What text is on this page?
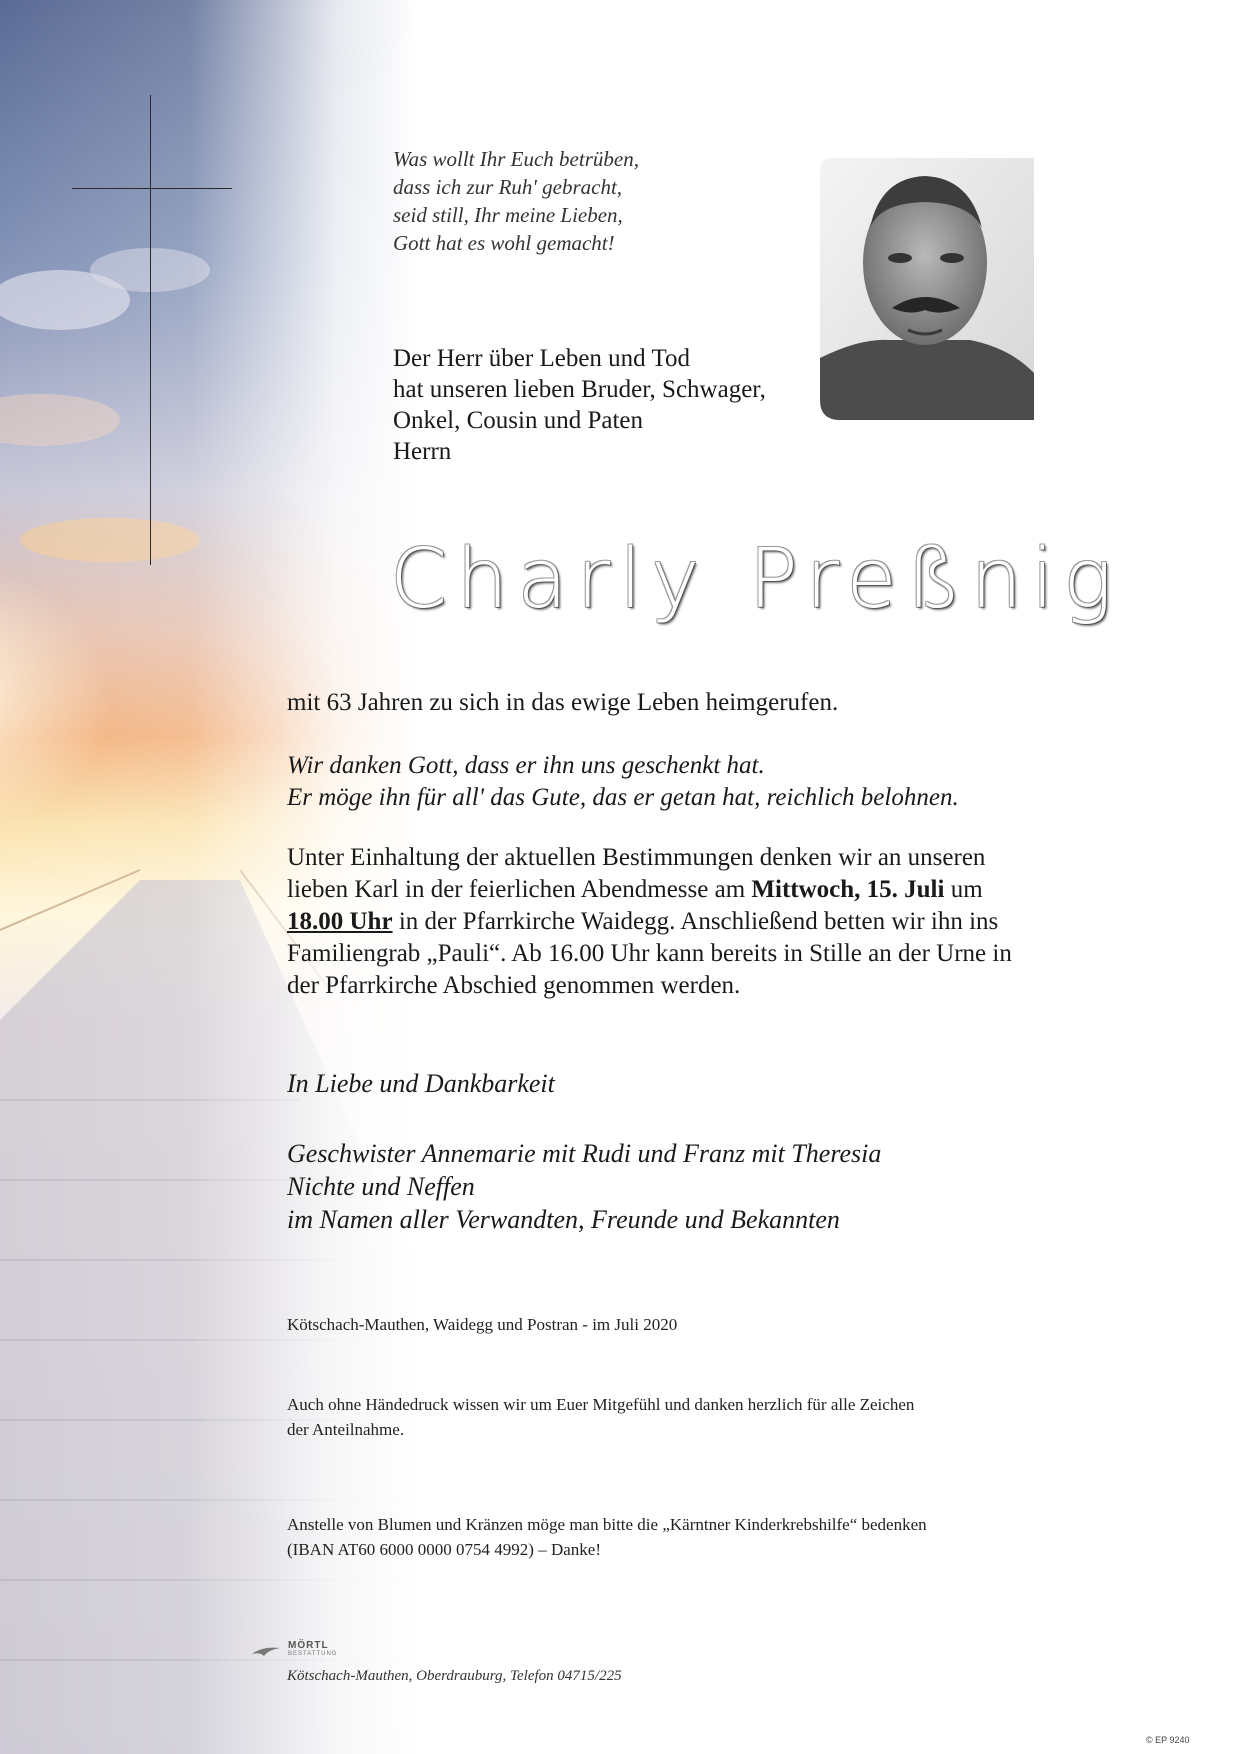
Was wollt Ihr Euch betrüben,
dass ich zur Ruh' gebracht,
seid still, Ihr meine Lieben,
Gott hat es wohl gemacht!
Der Herr über Leben und Tod
hat unseren lieben Bruder, Schwager,
Onkel, Cousin und Paten
Herrn
Charly Preßnig
mit 63 Jahren zu sich in das ewige Leben heimgerufen.
Wir danken Gott, dass er ihn uns geschenkt hat.
Er möge ihn für all' das Gute, das er getan hat, reichlich belohnen.
Unter Einhaltung der aktuellen Bestimmungen denken wir an unseren
lieben Karl in der feierlichen Abendmesse am Mittwoch, 15. Juli um
18.00 Uhr in der Pfarrkirche Waidegg. Anschließend betten wir ihn ins
Familiengrab „Pauli“. Ab 16.00 Uhr kann bereits in Stille an der Urne in
der Pfarrkirche Abschied genommen werden.
In Liebe und Dankbarkeit
Geschwister Annemarie mit Rudi und Franz mit Theresia
Nichte und Neffen
im Namen aller Verwandten, Freunde und Bekannten
Kötschach-Mauthen, Waidegg und Postran - im Juli 2020
Auch ohne Händedruck wissen wir um Euer Mitgefühl und danken herzlich für alle Zeichen
der Anteilnahme.
Anstelle von Blumen und Kränzen möge man bitte die „Kärntner Kinderkrebshilfe“ bedenken
(IBAN AT60 6000 0000 0754 4992) – Danke!
MÖRTL
BESTATTUNG
Kötschach-Mauthen, Oberdrauburg, Telefon 04715/225
© EP 9240
